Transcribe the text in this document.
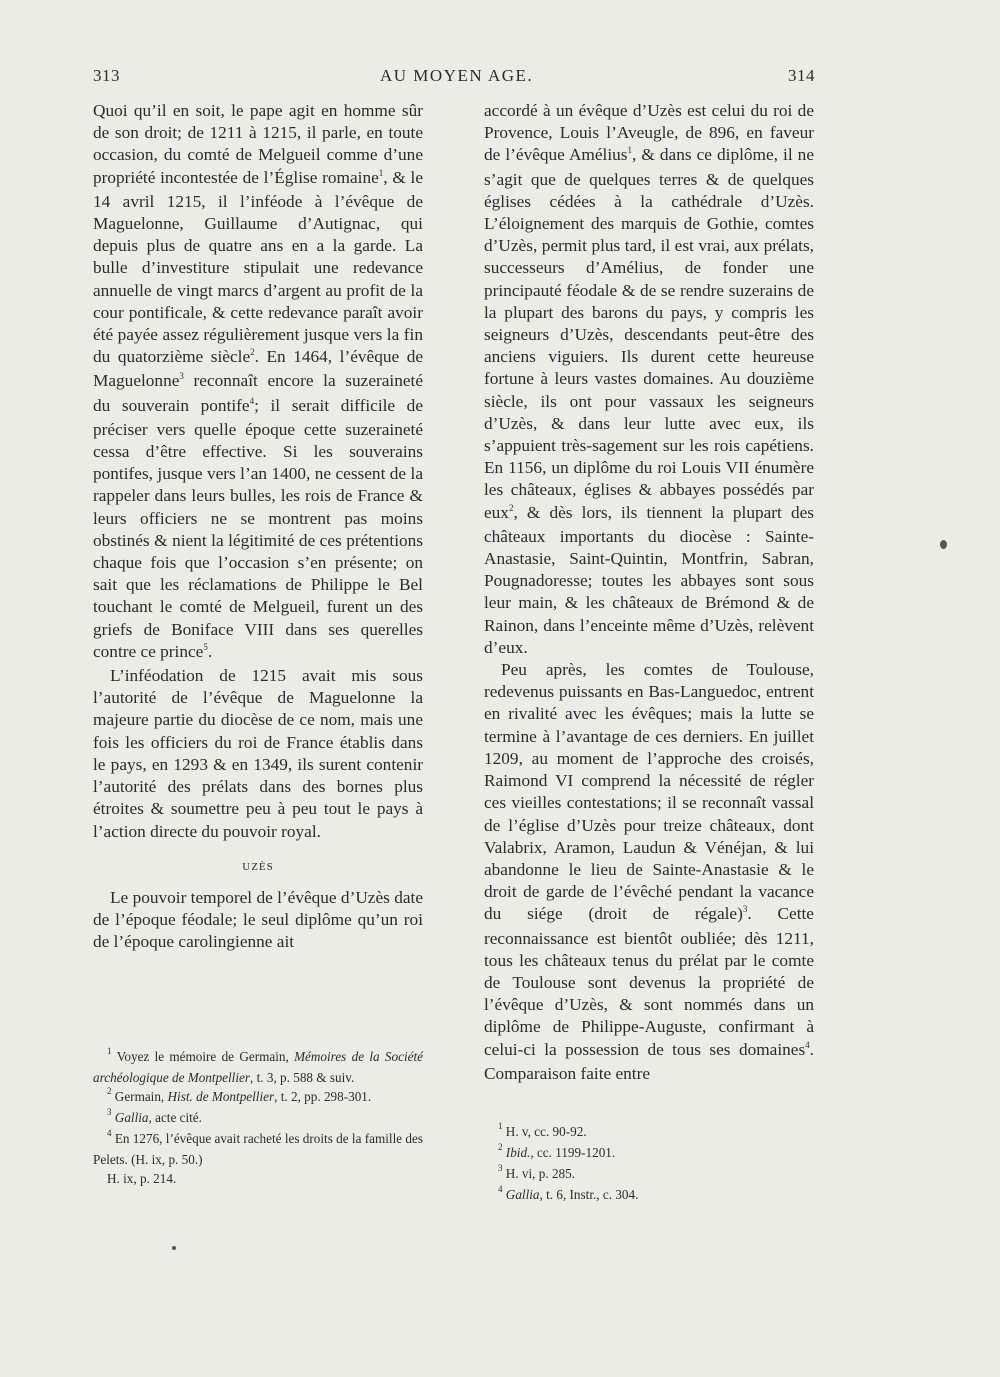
313	AU MOYEN AGE.	314

Quoi qu’il en soit, le pape agit en homme sûr de son droit; de 1211 à 1215, il parle, en toute occasion, du comté de Melgueil comme d’une propriété incontestée de l’Église romaine$^1$, & le 14 avril 1215, il l’inféode à l’évêque de Maguelonne, Guillaume d’Autignac, qui depuis plus de quatre ans en a la garde. La bulle d’investiture stipulait une redevance annuelle de vingt marcs d’argent au profit de la cour pontificale, & cette redevance paraît avoir été payée assez régulièrement jusque vers la fin du quatorzième siècle$^2$. En 1464, l’évêque de Maguelonne$^3$ reconnaît encore la suzeraineté du souverain pontife$^4$; il serait difficile de préciser vers quelle époque cette suzeraineté cessa d’être effective. Si les souverains pontifes, jusque vers l’an 1400, ne cessent de la rappeler dans leurs bulles, les rois de France & leurs officiers ne se montrent pas moins obstinés & nient la légitimité de ces prétentions chaque fois que l’occasion s’en présente; on sait que les réclamations de Philippe le Bel touchant le comté de Melgueil, furent un des griefs de Boniface VIII dans ses querelles contre ce prince$^5$.

L’inféodation de 1215 avait mis sous l’autorité de l’évêque de Maguelonne la majeure partie du diocèse de ce nom, mais une fois les officiers du roi de France établis dans le pays, en 1293 & en 1349, ils surent contenir l’autorité des prélats dans des bornes plus étroites & soumettre peu à peu tout le pays à l’action directe du pouvoir royal.

UZÈS

Le pouvoir temporel de l’évêque d’Uzès date de l’époque féodale; le seul diplôme qu’un roi de l’époque carolingienne ait

$^1$ Voyez le mémoire de Germain, Mémoires de la Société archéologique de Montpellier, t. 3, p. 588 & suiv.
$^2$ Germain, Hist. de Montpellier, t. 2, pp. 298-301.
$^3$ Gallia, acte cité.
$^4$ En 1276, l’évêque avait racheté les droits de la famille des Pelets. (H. ix, p. 50.)
H. ix, p. 214.

accordé à un évêque d’Uzès est celui du roi de Provence, Louis l’Aveugle, de 896, en faveur de l’évêque Amélius$^1$, & dans ce diplôme, il ne s’agit que de quelques terres & de quelques églises cédées à la cathédrale d’Uzès. L’éloignement des marquis de Gothie, comtes d’Uzès, permit plus tard, il est vrai, aux prélats, successeurs d’Amélius, de fonder une principauté féodale & de se rendre suzerains de la plupart des barons du pays, y compris les seigneurs d’Uzès, descendants peut-être des anciens viguiers. Ils durent cette heureuse fortune à leurs vastes domaines. Au douzième siècle, ils ont pour vassaux les seigneurs d’Uzès, & dans leur lutte avec eux, ils s’appuient très-sagement sur les rois capétiens. En 1156, un diplôme du roi Louis VII énumère les châteaux, églises & abbayes possédés par eux$^2$, & dès lors, ils tiennent la plupart des châteaux importants du diocèse : Sainte-Anastasie, Saint-Quintin, Montfrin, Sabran, Pougnadoresse; toutes les abbayes sont sous leur main, & les châteaux de Brémond & de Rainon, dans l’enceinte même d’Uzès, relèvent d’eux.

Peu après, les comtes de Toulouse, redevenus puissants en Bas-Languedoc, entrent en rivalité avec les évêques; mais la lutte se termine à l’avantage de ces derniers. En juillet 1209, au moment de l’approche des croisés, Raimond VI comprend la nécessité de régler ces vieilles contestations; il se reconnaît vassal de l’église d’Uzès pour treize châteaux, dont Valabrix, Aramon, Laudun & Vénéjan, & lui abandonne le lieu de Sainte-Anastasie & le droit de garde de l’évêché pendant la vacance du siége (droit de régale)$^3$. Cette reconnaissance est bientôt oubliée; dès 1211, tous les châteaux tenus du prélat par le comte de Toulouse sont devenus la propriété de l’évêque d’Uzès, & sont nommés dans un diplôme de Philippe-Auguste, confirmant à celui-ci la possession de tous ses domaines$^4$. Comparaison faite entre

$^1$ H. v, cc. 90-92.
$^2$ Ibid., cc. 1199-1201.
$^3$ H. vi, p. 285.
$^4$ Gallia, t. 6, Instr., c. 304.
